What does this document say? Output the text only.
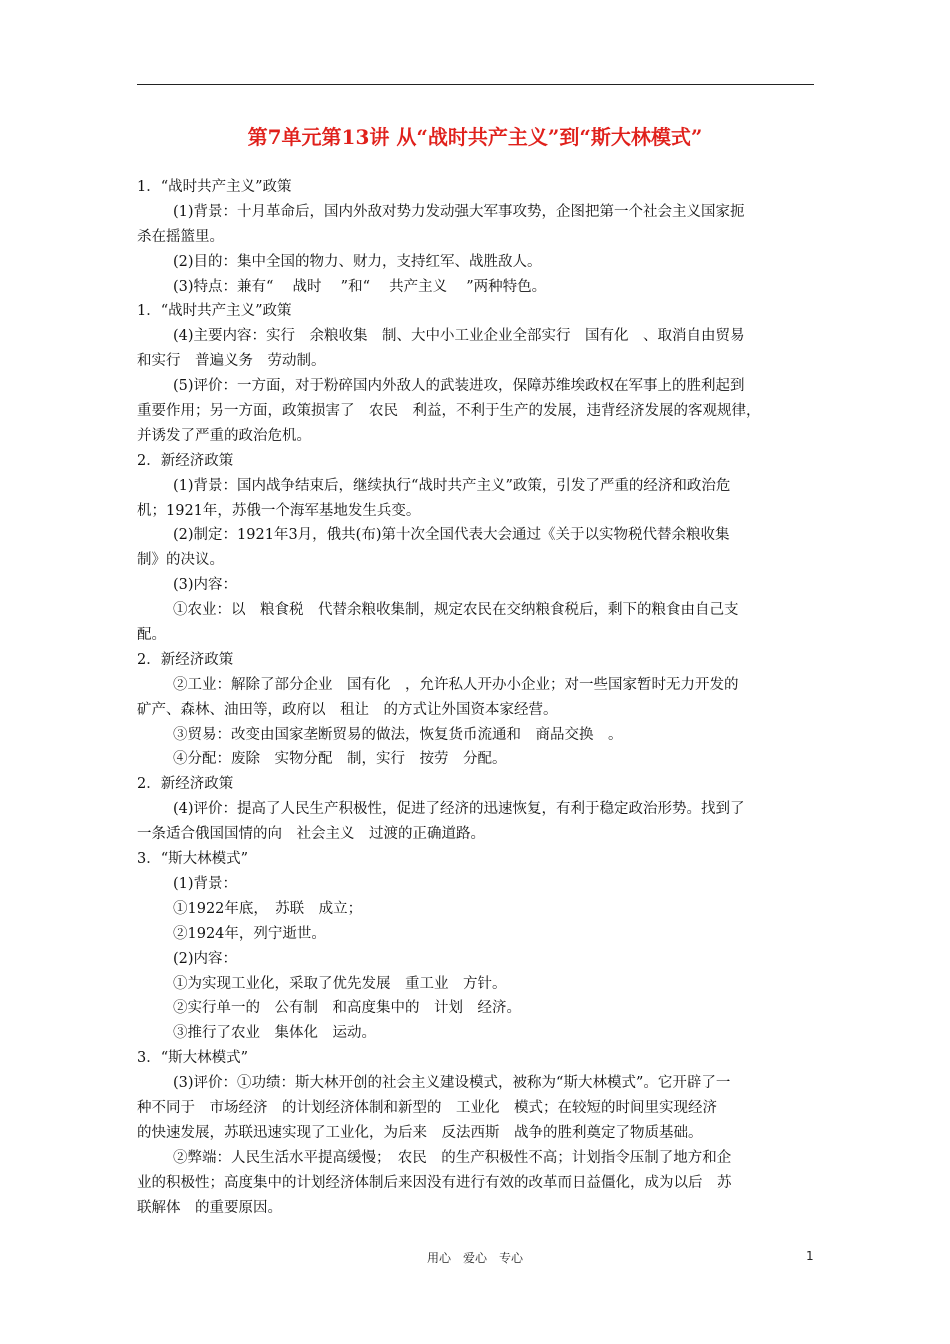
第7单元第13讲 从“战时共产主义”到“斯大林模式”
1．“战时共产主义”政策
(1)背景：十月革命后，国内外敌对势力发动强大军事攻势，企图把第一个社会主义国家扼
杀在摇篮里。
(2)目的：集中全国的物力、财力，支持红军、战胜敌人。
(3)特点：兼有“　 战时　 ”和“　 共产主义　 ”两种特色。
1．“战时共产主义”政策
(4)主要内容：实行　余粮收集　制、大中小工业企业全部实行　国有化　、取消自由贸易
和实行　普遍义务　劳动制。
(5)评价：一方面，对于粉碎国内外敌人的武装进攻，保障苏维埃政权在军事上的胜利起到
重要作用；另一方面，政策损害了　农民　利益，不利于生产的发展，违背经济发展的客观规律，
并诱发了严重的政治危机。
2．新经济政策
(1)背景：国内战争结束后，继续执行“战时共产主义”政策，引发了严重的经济和政治危
机；1921年，苏俄一个海军基地发生兵变。
(2)制定：1921年3月，俄共(布)第十次全国代表大会通过《关于以实物税代替余粮收集
制》的决议。
(3)内容：
①农业：以　粮食税　代替余粮收集制，规定农民在交纳粮食税后，剩下的粮食由自己支
配。
2．新经济政策
②工业：解除了部分企业　国有化　，允许私人开办小企业；对一些国家暂时无力开发的
矿产、森林、油田等，政府以　租让　的方式让外国资本家经营。
③贸易：改变由国家垄断贸易的做法，恢复货币流通和　商品交换　。
④分配：废除　实物分配　制，实行　按劳　分配。
2．新经济政策
(4)评价：提高了人民生产积极性，促进了经济的迅速恢复，有利于稳定政治形势。找到了
一条适合俄国国情的向　社会主义　过渡的正确道路。
3．“斯大林模式”
(1)背景：
①1922年底，　苏联　成立；
②1924年，列宁逝世。
(2)内容：
①为实现工业化，采取了优先发展　重工业　方针。
②实行单一的　公有制　和高度集中的　计划　经济。
③推行了农业　集体化　运动。
3．“斯大林模式”
(3)评价：①功绩：斯大林开创的社会主义建设模式，被称为“斯大林模式”。它开辟了一
种不同于　市场经济　的计划经济体制和新型的　工业化　模式；在较短的时间里实现经济
的快速发展，苏联迅速实现了工业化，为后来　反法西斯　战争的胜利奠定了物质基础。
②弊端：人民生活水平提高缓慢；　农民　的生产积极性不高；计划指令压制了地方和企
业的积极性；高度集中的计划经济体制后来因没有进行有效的改革而日益僵化，成为以后　苏
联解体　的重要原因。
用心　爱心　专心	1
